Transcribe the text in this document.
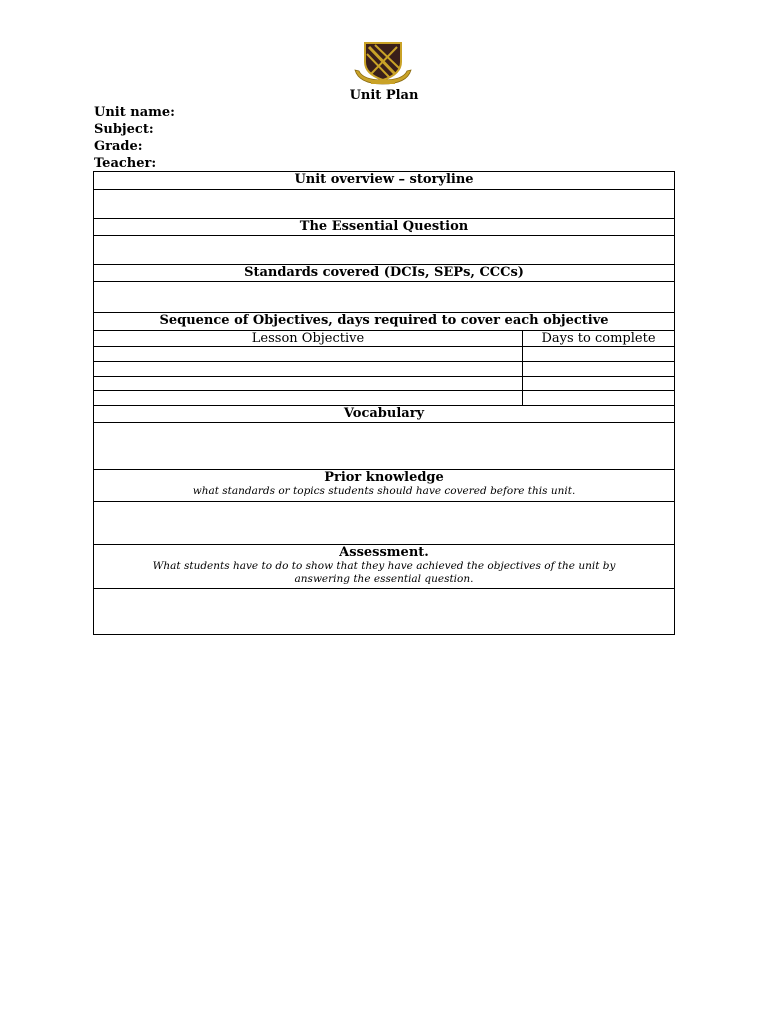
Unit Plan
Unit name:
Subject:
Grade:
Teacher:
Unit overview – storyline	

The Essential Question	

Standards covered (DCIs, SEPs, CCCs)	

Sequence of Objectives, days required to cover each objective	
Lesson Objective	Days to complete

Vocabulary	

Prior knowledge
what standards or topics students should have covered before this unit.	

Assessment.
What students have to do to show that they have achieved the objectives of the unit by answering the essential question.	
